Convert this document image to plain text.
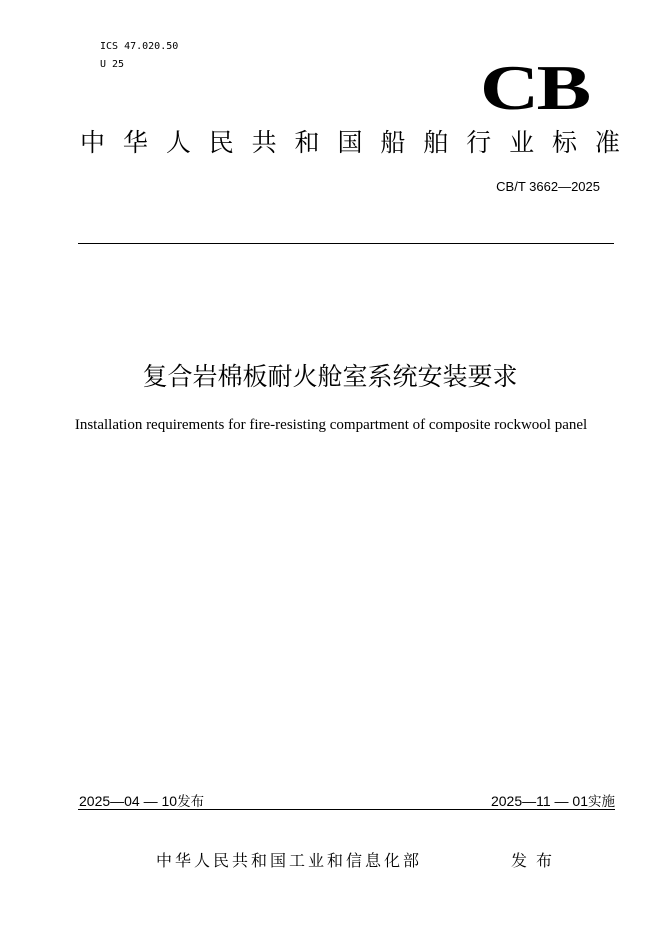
ICS 47.020.50
U 25	CB
中 华 人 民 共 和 国 船 舶 行 业 标 准
CB/T 3662—2025
复合岩棉板耐火舱室系统安装要求
Installation requirements for fire-resisting compartment of composite rockwool panel
2025—04 — 10发布	2025—11 — 01实施
中华人民共和国工业和信息化部	发布
